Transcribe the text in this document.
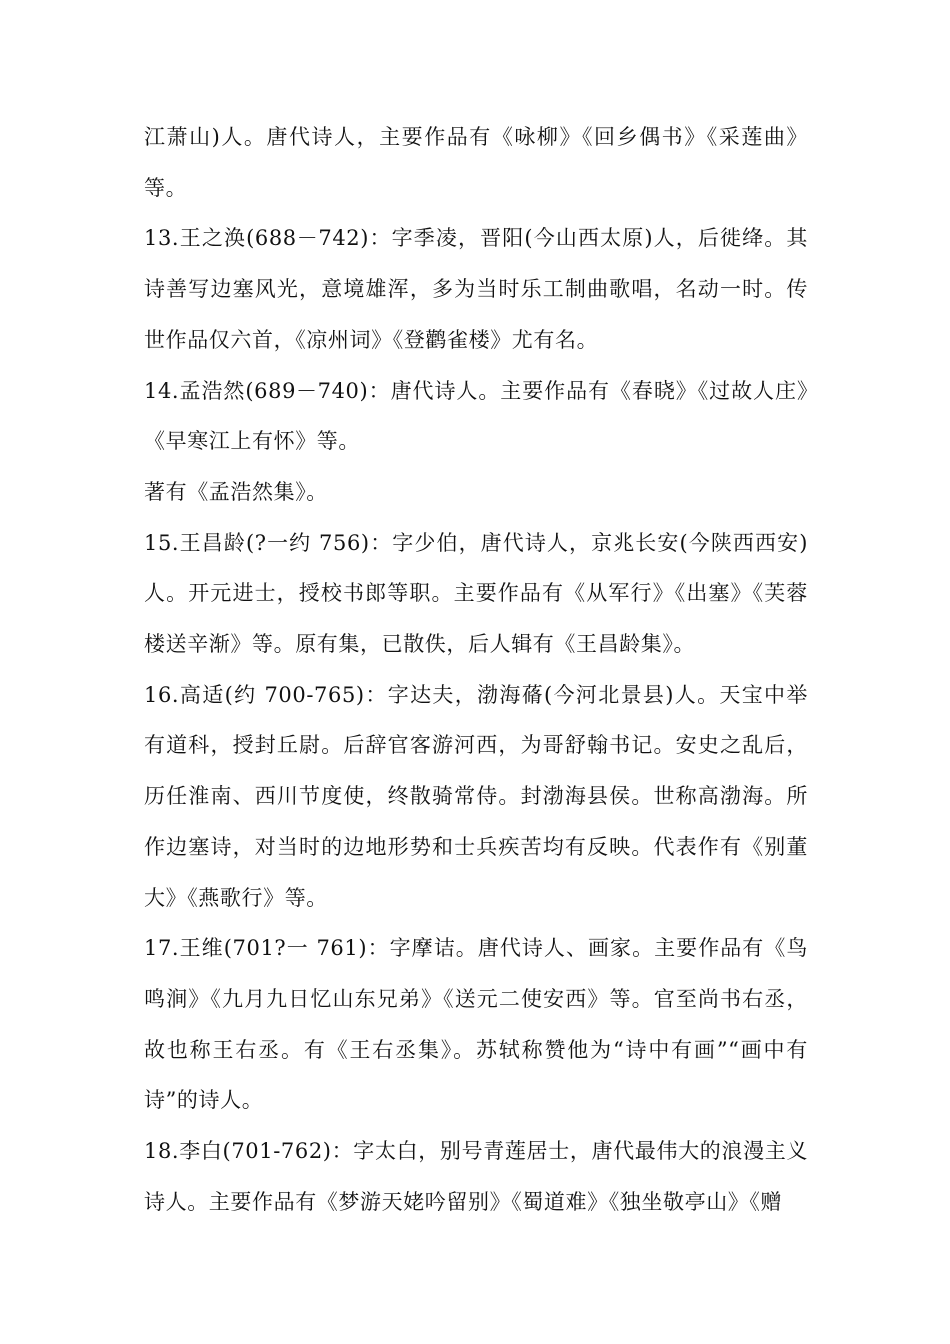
江萧山)人。唐代诗人，主要作品有《咏柳》《回乡偶书》《采莲曲》等。

13.王之涣(688－742)：字季凌，晋阳(今山西太原)人，后徙绛。其诗善写边塞风光，意境雄浑，多为当时乐工制曲歌唱，名动一时。传世作品仅六首，《凉州词》《登鹳雀楼》尤有名。

14.孟浩然(689－740)：唐代诗人。主要作品有《春晓》《过故人庄》《早寒江上有怀》等。

著有《孟浩然集》。

15.王昌龄(?一约 756)：字少伯，唐代诗人，京兆长安(今陕西西安)人。开元进士，授校书郎等职。主要作品有《从军行》《出塞》《芙蓉楼送辛渐》等。原有集，已散佚，后人辑有《王昌龄集》。

16.高适(约 700-765)：字达夫，渤海蓨(今河北景县)人。天宝中举有道科，授封丘尉。后辞官客游河西，为哥舒翰书记。安史之乱后，历任淮南、西川节度使，终散骑常侍。封渤海县侯。世称高渤海。所作边塞诗，对当时的边地形势和士兵疾苦均有反映。代表作有《别董大》《燕歌行》等。

17.王维(701?一 761)：字摩诘。唐代诗人、画家。主要作品有《鸟鸣涧》《九月九日忆山东兄弟》《送元二使安西》等。官至尚书右丞，故也称王右丞。有《王右丞集》。苏轼称赞他为“诗中有画”“画中有诗”的诗人。

18.李白(701-762)：字太白，别号青莲居士，唐代最伟大的浪漫主义诗人。主要作品有《梦游天姥吟留别》《蜀道难》《独坐敬亭山》《赠
